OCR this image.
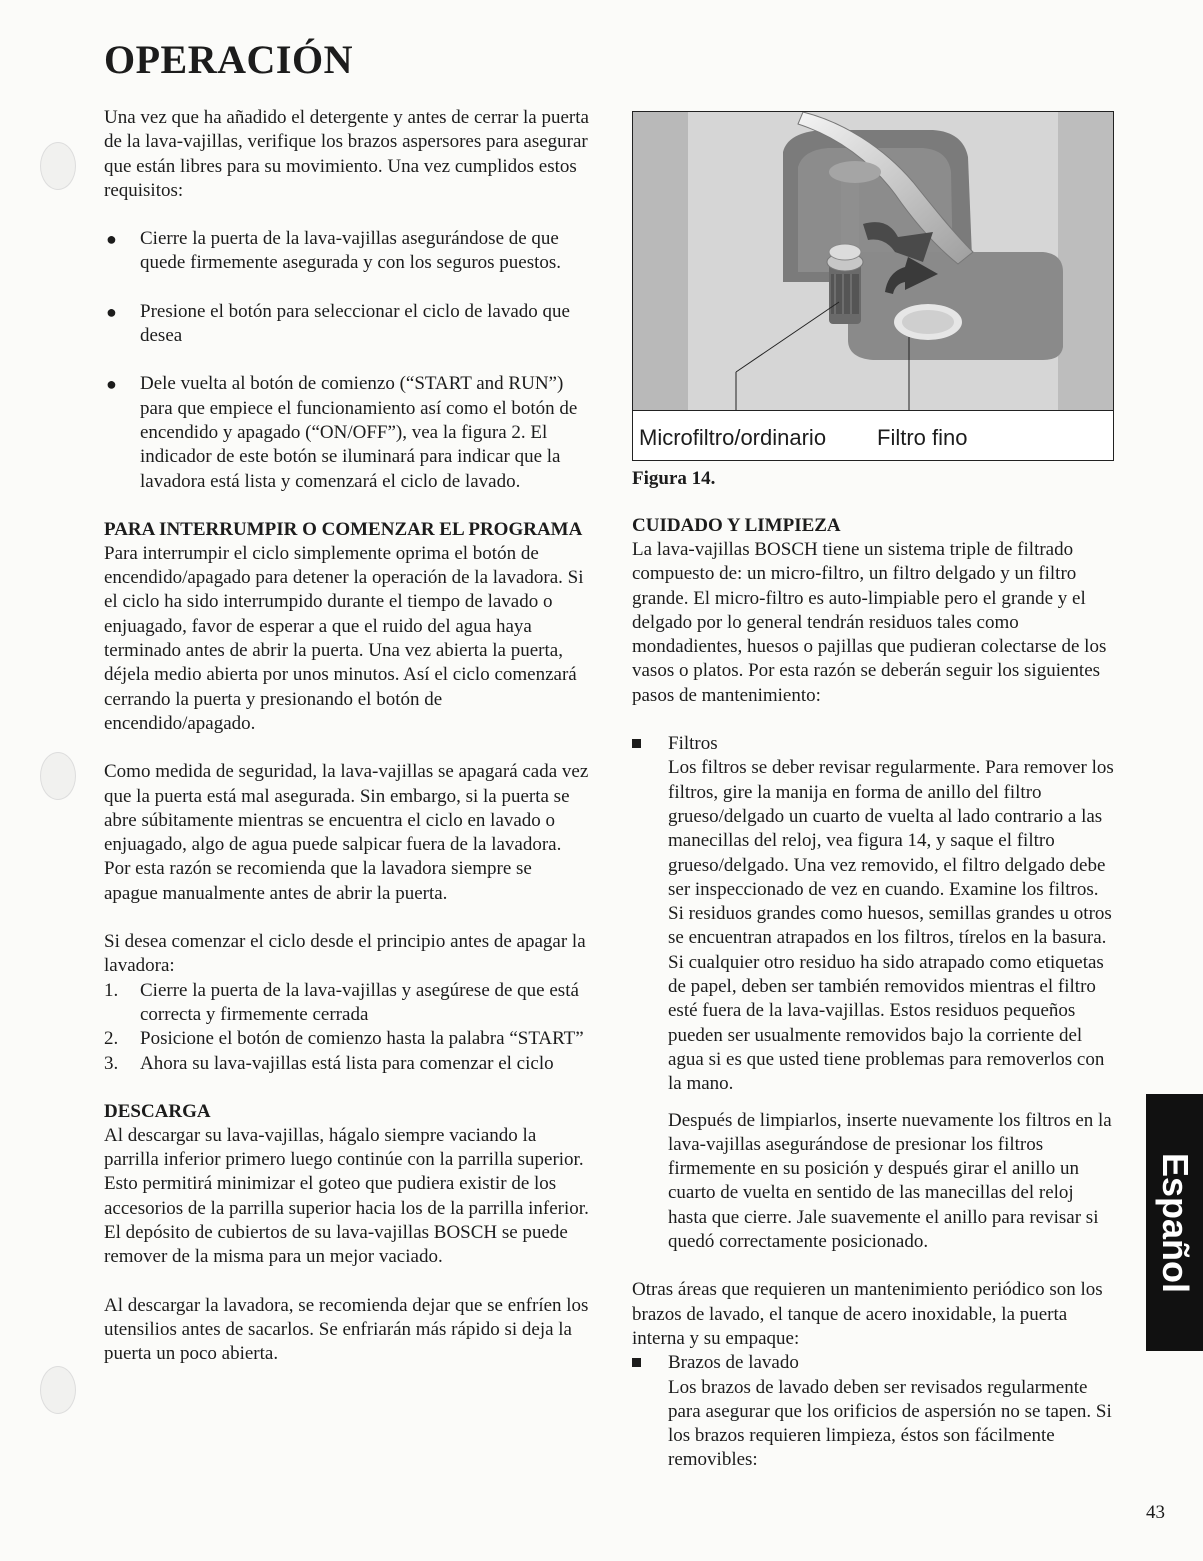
OPERACIÓN

Una vez que ha añadido el detergente y antes de cerrar la puerta de la lava-vajillas, verifique los brazos aspersores para asegurar que están libres para su movimiento. Una vez cumplidos estos requisitos:

● Cierre la puerta de la lava-vajillas asegurándose de que quede firmemente asegurada y con los seguros puestos.
● Presione el botón para seleccionar el ciclo de lavado que desea
● Dele vuelta al botón de comienzo (“START and RUN”) para que empiece el funcionamiento así como el botón de encendido y apagado (“ON/OFF”), vea la figura 2. El indicador de este botón se iluminará para indicar que la lavadora está lista y comenzará el ciclo de lavado.
PARA INTERRUMPIR O COMENZAR EL PROGRAMA

Para interrumpir el ciclo simplemente oprima el botón de encendido/apagado para detener la operación de la lavadora. Si el ciclo ha sido interrumpido durante el tiempo de lavado o enjuagado, favor de esperar a que el ruido del agua haya terminado antes de abrir la puerta. Una vez abierta la puerta, déjela medio abierta por unos minutos. Así el ciclo comenzará cerrando la puerta y presionando el botón de encendido/apagado.

Como medida de seguridad, la lava-vajillas se apagará cada vez que la puerta está mal asegurada. Sin embargo, si la puerta se abre súbitamente mientras se encuentra el ciclo en lavado o enjuagado, algo de agua puede salpicar fuera de la lavadora. Por esta razón se recomienda que la lavadora siempre se apague manualmente antes de abrir la puerta.

Si desea comenzar el ciclo desde el principio antes de apagar la lavadora:

1. Cierre la puerta de la lava-vajillas y asegúrese de que está correcta y firmemente cerrada
2. Posicione el botón de comienzo hasta la palabra “START”
3. Ahora su lava-vajillas está lista para comenzar el ciclo
DESCARGA

Al descargar su lava-vajillas, hágalo siempre vaciando la parrilla inferior primero luego continúe con la parrilla superior. Esto permitirá minimizar el goteo que pudiera existir de los accesorios de la parrilla superior hacia los de la parrilla inferior. El depósito de cubiertos de su lava-vajillas BOSCH se puede remover de la misma para un mejor vaciado.

Al descargar la lavadora, se recomienda dejar que se enfríen los utensilios antes de sacarlos. Se enfriarán más rápido si deja la puerta un poco abierta.

Microfiltro/ordinario Filtro fino
Figura 14.
CUIDADO Y LIMPIEZA

La lava-vajillas BOSCH tiene un sistema triple de filtrado compuesto de: un micro-filtro, un filtro delgado y un filtro grande. El micro-filtro es auto-limpiable pero el grande y el delgado por lo general tendrán residuos tales como mondadientes, huesos o pajillas que pudieran colectarse de los vasos o platos. Por esta razón se deberán seguir los siguientes pasos de mantenimiento:

Filtros
Los filtros se deber revisar regularmente. Para remover los filtros, gire la manija en forma de anillo del filtro grueso/delgado un cuarto de vuelta al lado contrario a las manecillas del reloj, vea figura 14, y saque el filtro grueso/delgado. Una vez removido, el filtro delgado debe ser inspeccionado de vez en cuando. Examine los filtros. Si residuos grandes como huesos, semillas grandes u otros se encuentran atrapados en los filtros, tírelos en la basura. Si cualquier otro residuo ha sido atrapado como etiquetas de papel, deben ser también removidos mientras el filtro esté fuera de la lava-vajillas. Estos residuos pequeños pueden ser usualmente removidos bajo la corriente del agua si es que usted tiene problemas para removerlos con la mano.
Después de limpiarlos, inserte nuevamente los filtros en la lava-vajillas asegurándose de presionar los filtros firmemente en su posición y después girar el anillo un cuarto de vuelta en sentido de las manecillas del reloj hasta que cierre. Jale suavemente el anillo para revisar si quedó correctamente posicionado.

Otras áreas que requieren un mantenimiento periódico son los brazos de lavado, el tanque de acero inoxidable, la puerta interna y su empaque:

Brazos de lavado
Los brazos de lavado deben ser revisados regularmente para asegurar que los orificios de aspersión no se tapen. Si los brazos requieren limpieza, éstos son fácilmente removibles:
Español
43
